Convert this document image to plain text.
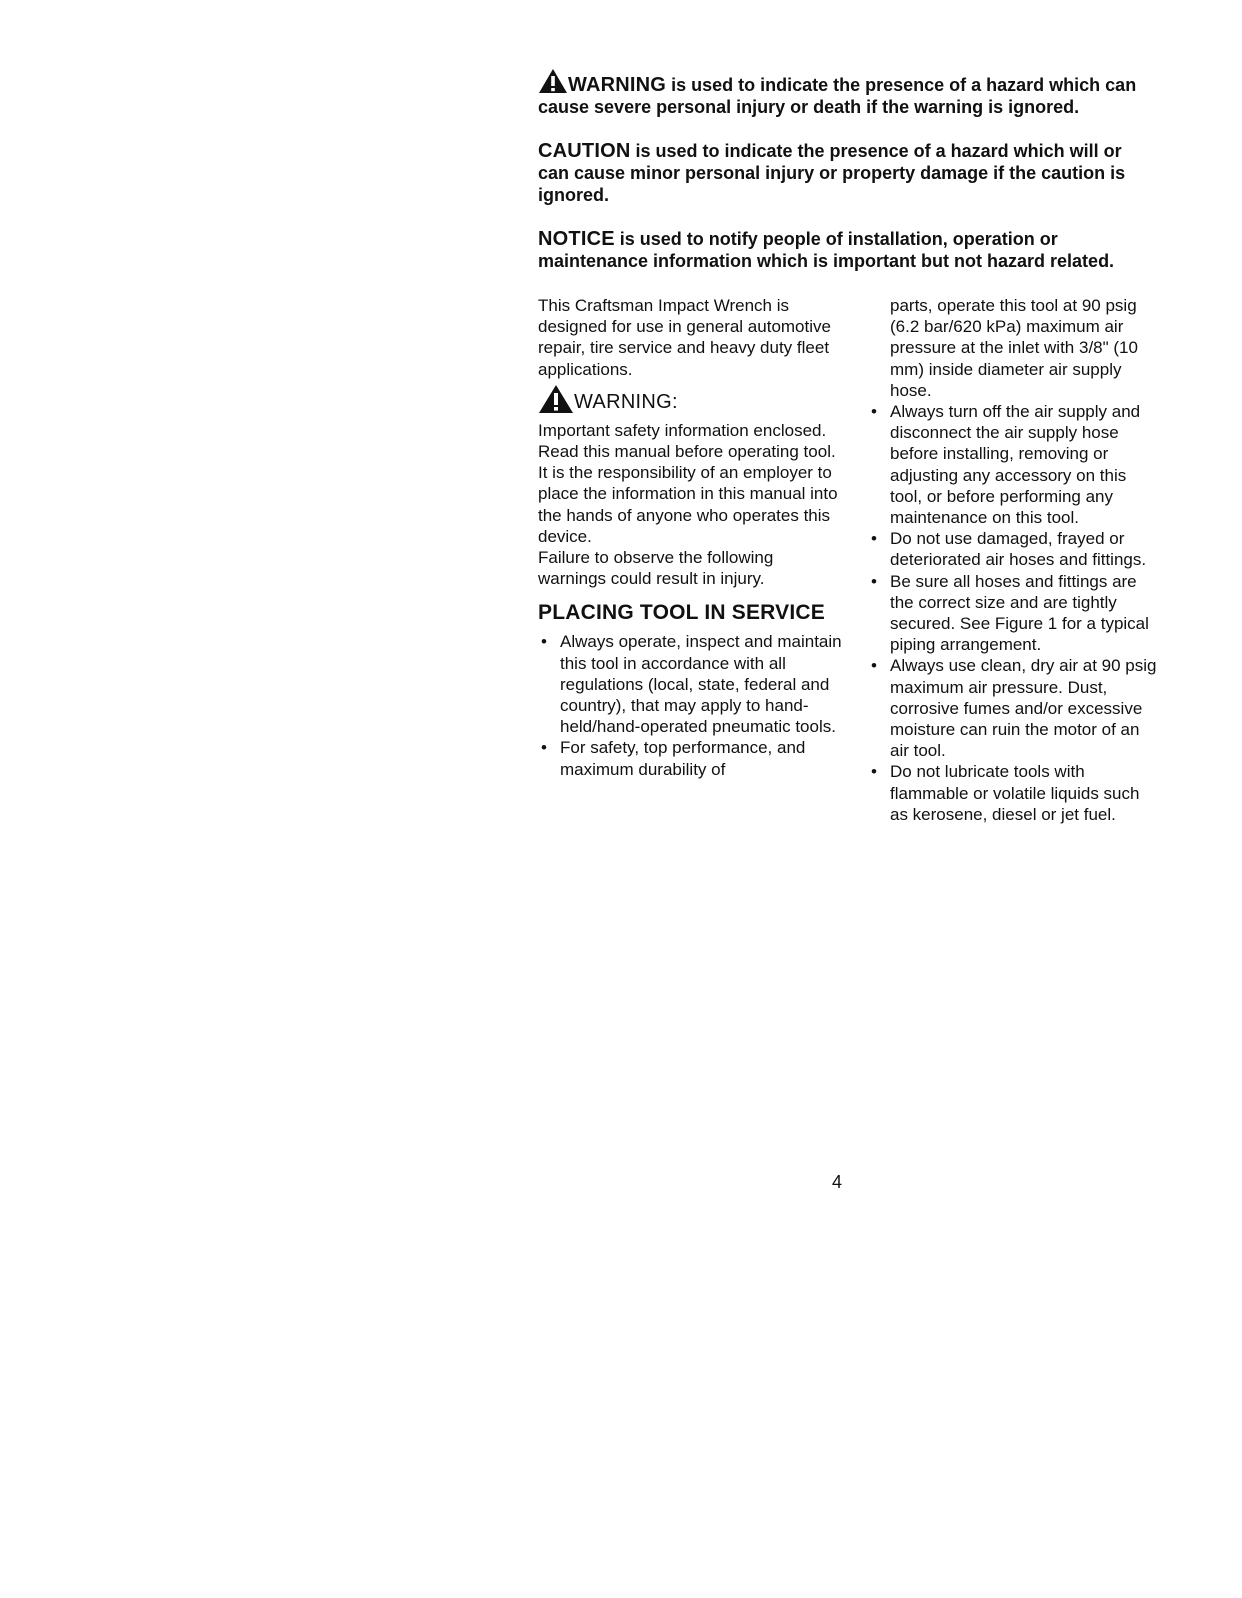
WARNING is used to indicate the presence of a hazard which can cause severe personal injury or death if the warning is ignored.

CAUTION is used to indicate the presence of a hazard which will or can cause minor personal injury or property damage if the caution is ignored.

NOTICE is used to notify people of installation, operation or maintenance information which is important but not hazard related.

This Craftsman Impact Wrench is designed for use in general automotive repair, tire service and heavy duty fleet applications.

WARNING:

Important safety information enclosed.

Read this manual before operating tool.

It is the responsibility of an employer to place the information in this manual into the hands of anyone who operates this device.

Failure to observe the following warnings could result in injury.

PLACING TOOL IN SERVICE
• Always operate, inspect and maintain this tool in accordance with all regulations (local, state, federal and country), that may apply to hand-held/hand-operated pneumatic tools.
• For safety, top performance, and maximum durability of
parts, operate this tool at 90 psig (6.2 bar/620 kPa) maximum air pressure at the inlet with 3/8" (10 mm) inside diameter air supply hose.
• Always turn off the air supply and disconnect the air supply hose before installing, removing or adjusting any accessory on this tool, or before performing any maintenance on this tool.
• Do not use damaged, frayed or deteriorated air hoses and fittings.
• Be sure all hoses and fittings are the correct size and are tightly secured. See Figure 1 for a typical piping arrangement.
• Always use clean, dry air at 90 psig maximum air pressure. Dust, corrosive fumes and/or excessive moisture can ruin the motor of an air tool.
• Do not lubricate tools with flammable or volatile liquids such as kerosene, diesel or jet fuel.
4
